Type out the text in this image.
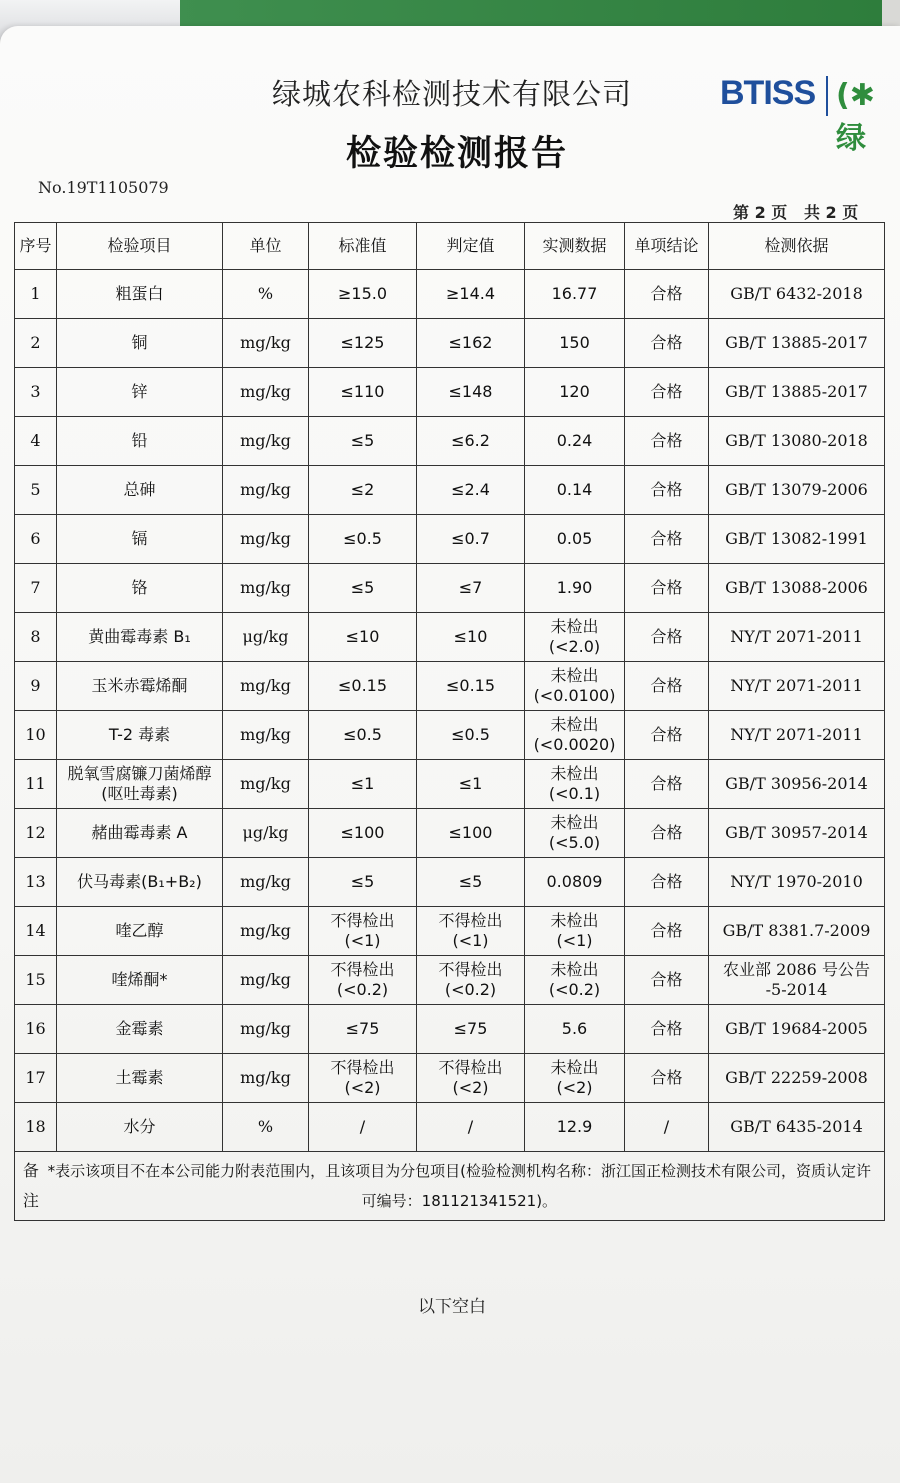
绿城农科检测技术有限公司
检验检测报告
BTISS (✱绿
No.19T1105079
第 2 页   共 2 页
序号	检验项目	单位	标准值	判定值	实测数据	单项结论	检测依据
1	粗蛋白	%	≥15.0	≥14.4	16.77	合格	GB/T 6432-2018
2	铜	mg/kg	≤125	≤162	150	合格	GB/T 13885-2017
3	锌	mg/kg	≤110	≤148	120	合格	GB/T 13885-2017
4	铅	mg/kg	≤5	≤6.2	0.24	合格	GB/T 13080-2018
5	总砷	mg/kg	≤2	≤2.4	0.14	合格	GB/T 13079-2006
6	镉	mg/kg	≤0.5	≤0.7	0.05	合格	GB/T 13082-1991
7	铬	mg/kg	≤5	≤7	1.90	合格	GB/T 13088-2006
8	黄曲霉毒素 B₁	μg/kg	≤10	≤10	未检出
(<2.0)	合格	NY/T 2071-2011
9	玉米赤霉烯酮	mg/kg	≤0.15	≤0.15	未检出
(<0.0100)	合格	NY/T 2071-2011
10	T-2 毒素	mg/kg	≤0.5	≤0.5	未检出
(<0.0020)	合格	NY/T 2071-2011
11	脱氧雪腐镰刀菌烯醇
(呕吐毒素)	mg/kg	≤1	≤1	未检出
(<0.1)	合格	GB/T 30956-2014
12	赭曲霉毒素 A	μg/kg	≤100	≤100	未检出
(<5.0)	合格	GB/T 30957-2014
13	伏马毒素(B₁+B₂)	mg/kg	≤5	≤5	0.0809	合格	NY/T 1970-2010
14	喹乙醇	mg/kg	不得检出
(<1)	不得检出
(<1)	未检出
(<1)	合格	GB/T 8381.7-2009
15	喹烯酮*	mg/kg	不得检出
(<0.2)	不得检出
(<0.2)	未检出
(<0.2)	合格	农业部 2086 号公告
-5-2014
16	金霉素	mg/kg	≤75	≤75	5.6	合格	GB/T 19684-2005
17	土霉素	mg/kg	不得检出
(<2)	不得检出
(<2)	未检出
(<2)	合格	GB/T 22259-2008
18	水分	%	/	/	12.9	/	GB/T 6435-2014

备
注
*表示该项目不在本公司能力附表范围内，且该项目为分包项目(检验检测机构名称：浙江国正检测技术有限公司，资质认定许可编号：181121341521)。							
以下空白
